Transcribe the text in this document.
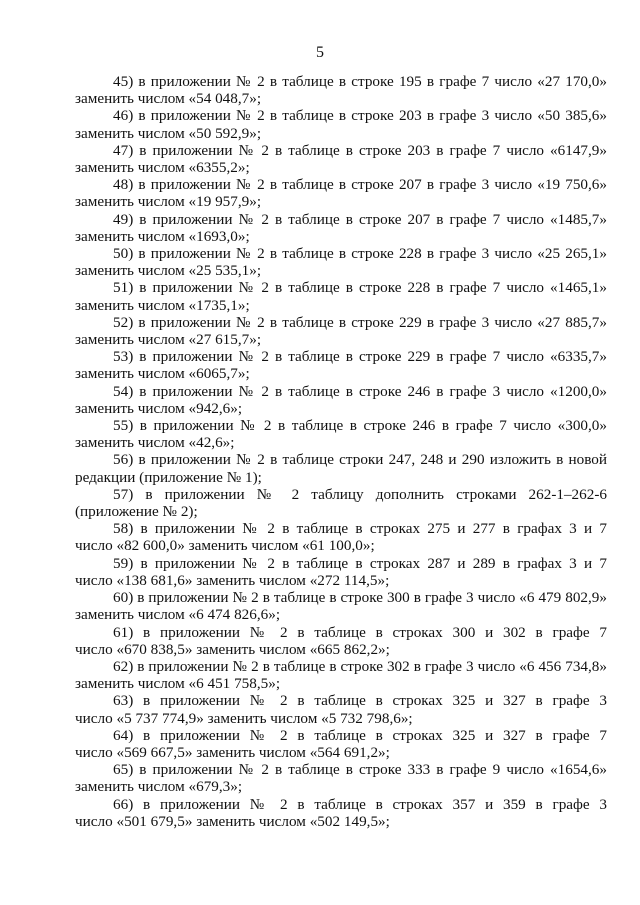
5
45) в приложении № 2 в таблице в строке 195 в графе 7 число «27 170,0»
заменить числом «54 048,7»;
46) в приложении № 2 в таблице в строке 203 в графе 3 число «50 385,6»
заменить числом «50 592,9»;
47) в приложении № 2 в таблице в строке 203 в графе 7 число «6147,9»
заменить числом «6355,2»;
48) в приложении № 2 в таблице в строке 207 в графе 3 число «19 750,6»
заменить числом «19 957,9»;
49) в приложении № 2 в таблице в строке 207 в графе 7 число «1485,7»
заменить числом «1693,0»;
50) в приложении № 2 в таблице в строке 228 в графе 3 число «25 265,1»
заменить числом «25 535,1»;
51) в приложении № 2 в таблице в строке 228 в графе 7 число «1465,1»
заменить числом «1735,1»;
52) в приложении № 2 в таблице в строке 229 в графе 3 число «27 885,7»
заменить числом «27 615,7»;
53) в приложении № 2 в таблице в строке 229 в графе 7 число «6335,7»
заменить числом «6065,7»;
54) в приложении № 2 в таблице в строке 246 в графе 3 число «1200,0»
заменить числом «942,6»;
55) в приложении № 2 в таблице в строке 246 в графе 7 число «300,0»
заменить числом «42,6»;
56) в приложении № 2 в таблице строки 247, 248 и 290 изложить в новой
редакции (приложение № 1);
57) в приложении № 2 таблицу дополнить строками 262-1–262-6
(приложение № 2);
58) в приложении № 2 в таблице в строках 275 и 277 в графах 3 и 7
число «82 600,0» заменить числом «61 100,0»;
59) в приложении № 2 в таблице в строках 287 и 289 в графах 3 и 7
число «138 681,6» заменить числом «272 114,5»;
60) в приложении № 2 в таблице в строке 300 в графе 3 число «6 479 802,9»
заменить числом «6 474 826,6»;
61) в приложении № 2 в таблице в строках 300 и 302 в графе 7
число «670 838,5» заменить числом «665 862,2»;
62) в приложении № 2 в таблице в строке 302 в графе 3 число «6 456 734,8»
заменить числом «6 451 758,5»;
63) в приложении № 2 в таблице в строках 325 и 327 в графе 3
число «5 737 774,9» заменить числом «5 732 798,6»;
64) в приложении № 2 в таблице в строках 325 и 327 в графе 7
число «569 667,5» заменить числом «564 691,2»;
65) в приложении № 2 в таблице в строке 333 в графе 9 число «1654,6»
заменить числом «679,3»;
66) в приложении № 2 в таблице в строках 357 и 359 в графе 3
число «501 679,5» заменить числом «502 149,5»;
